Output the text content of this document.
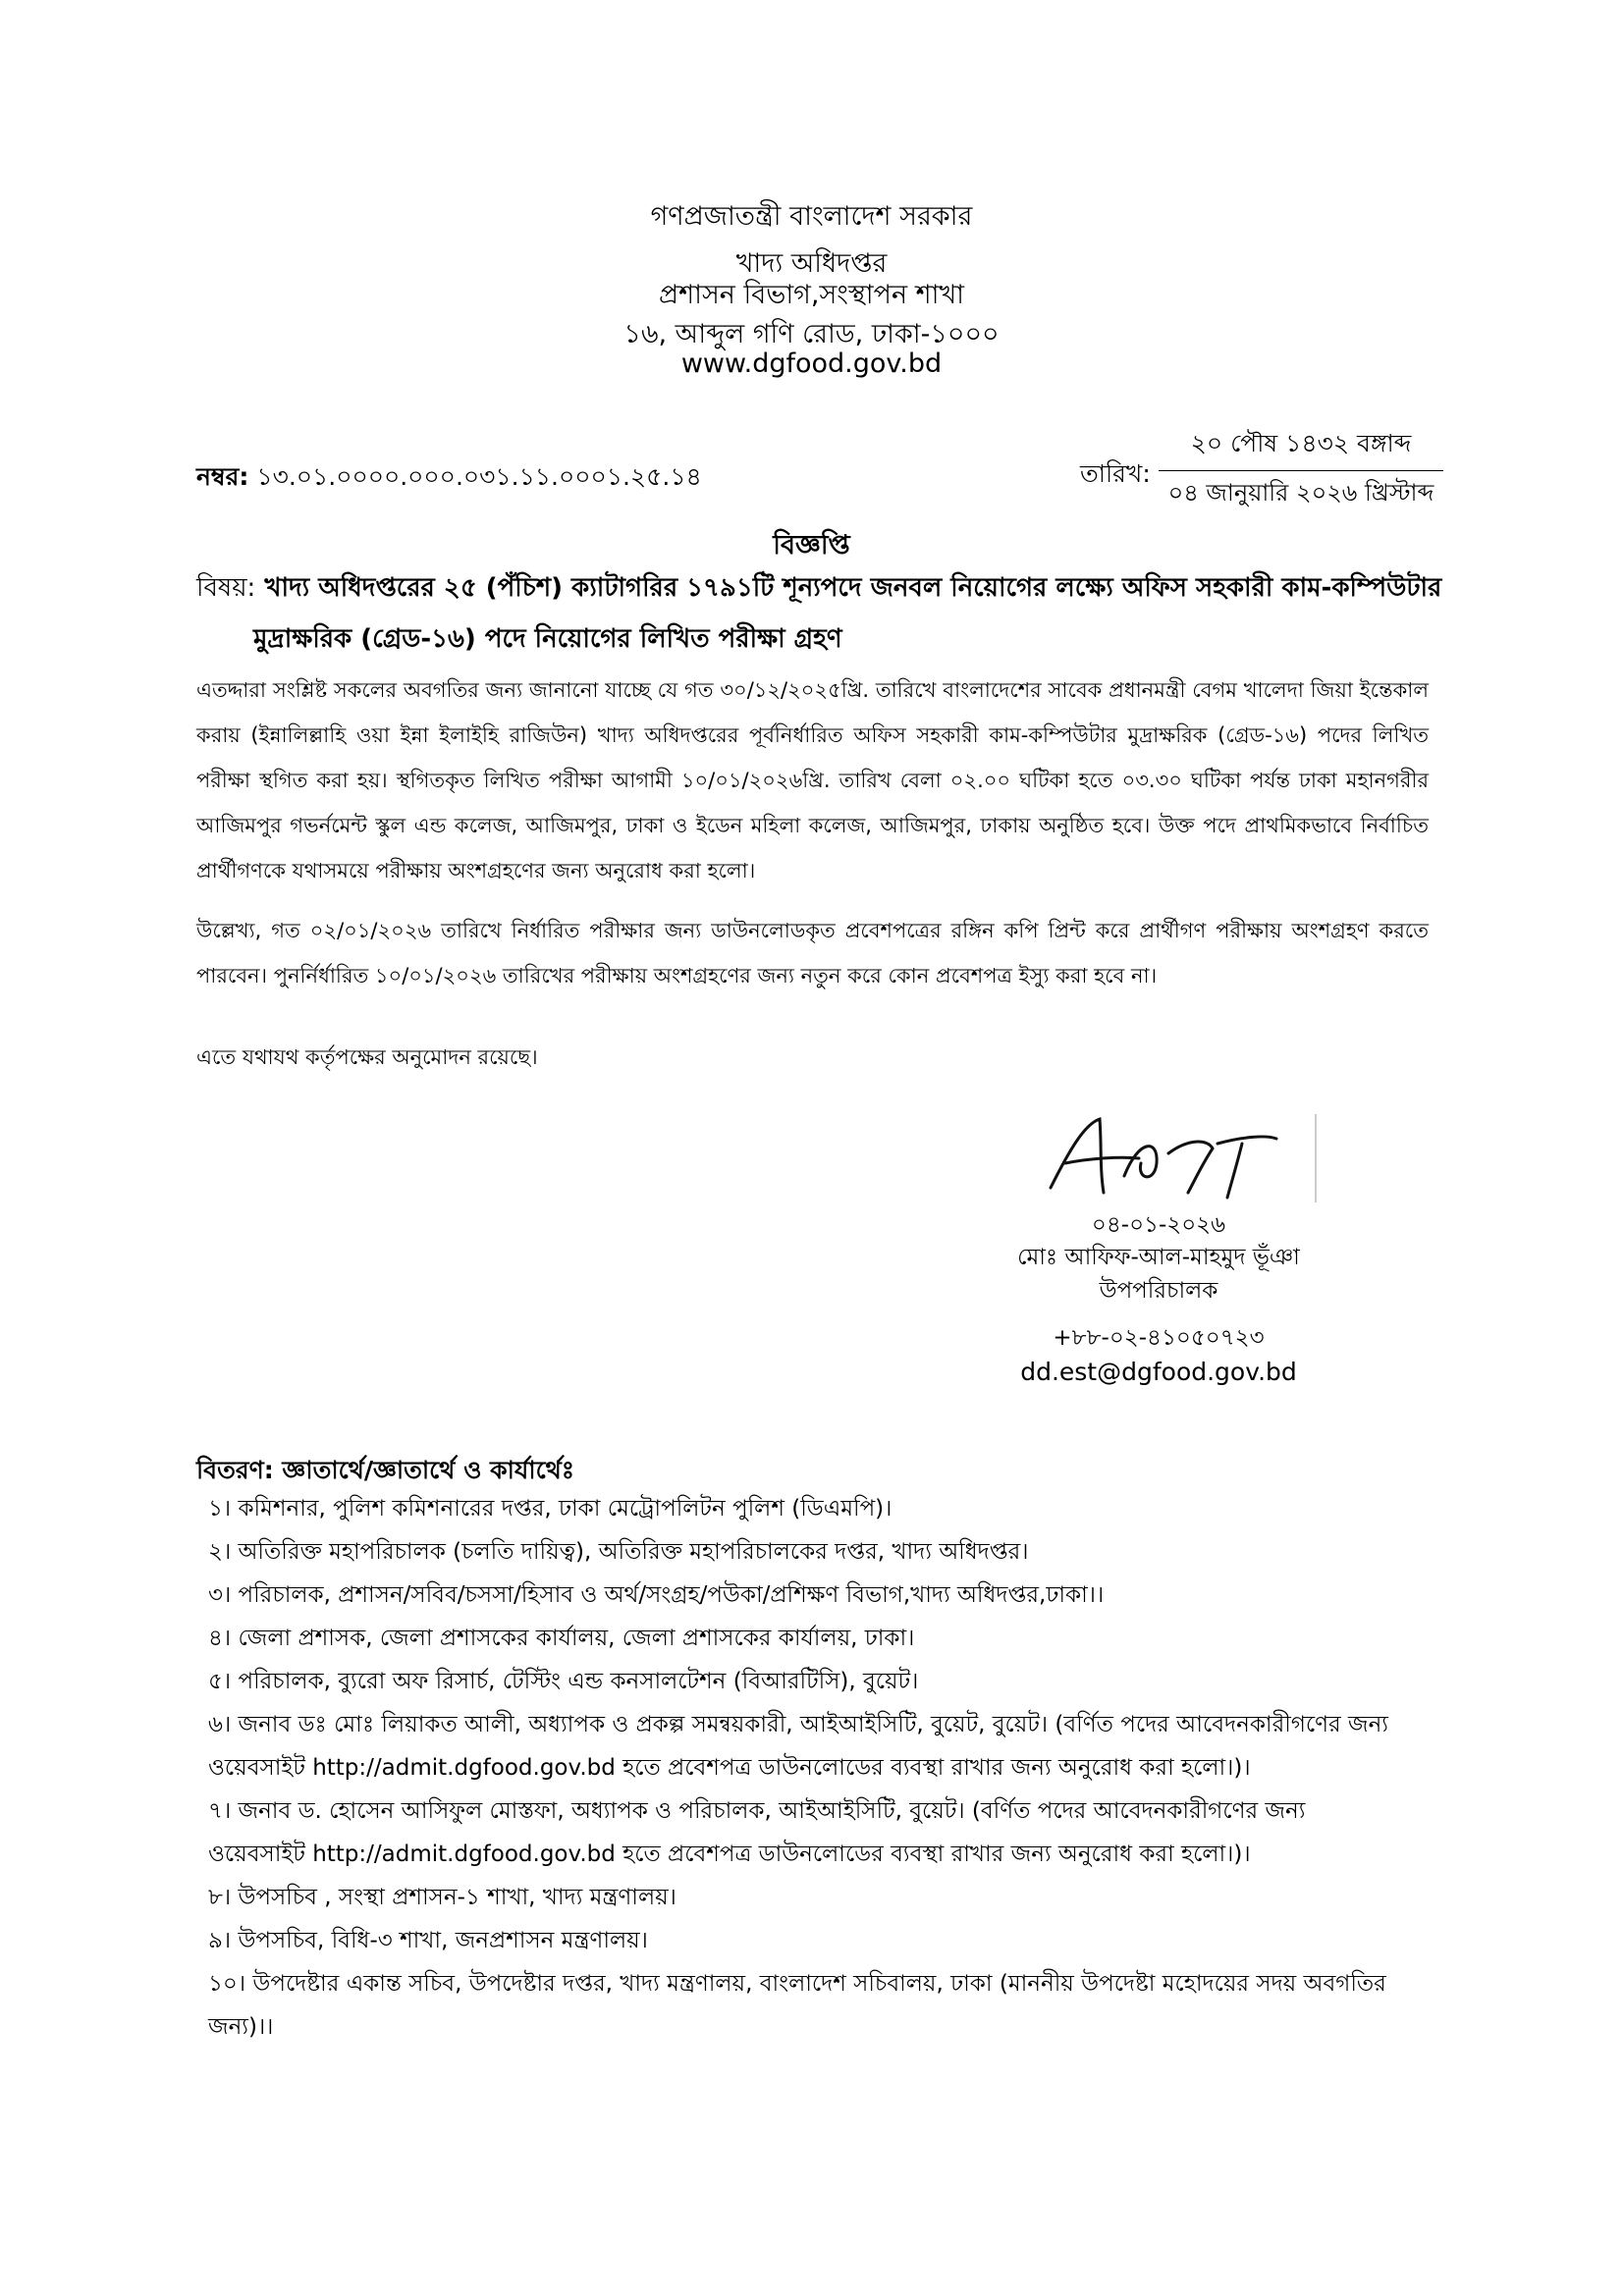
গণপ্রজাতন্ত্রী বাংলাদেশ সরকার
খাদ্য অধিদপ্তর
প্রশাসন বিভাগ,সংস্থাপন শাখা
১৬, আব্দুল গণি রোড, ঢাকা-১০০০
www.dgfood.gov.bd
নম্বর: ১৩.০১.০০০০.০০০.০৩১.১১.০০০১.২৫.১৪	তারিখ:
২০ পৌষ ১৪৩২ বঙ্গাব্দ
০৪ জানুয়ারি ২০২৬ খ্রিস্টাব্দ
বিজ্ঞপ্তি
বিষয়: খাদ্য অধিদপ্তরের ২৫ (পঁচিশ) ক্যাটাগরির ১৭৯১টি শূন্যপদে জনবল নিয়োগের লক্ষ্যে অফিস সহকারী কাম-কম্পিউটার
মুদ্রাক্ষরিক (গ্রেড-১৬) পদে নিয়োগের লিখিত পরীক্ষা গ্রহণ

এতদ্দারা সংশ্লিষ্ট সকলের অবগতির জন্য জানানো যাচ্ছে যে গত ৩০/১২/২০২৫খ্রি. তারিখে বাংলাদেশের সাবেক প্রধানমন্ত্রী বেগম খালেদা জিয়া ইন্তেকাল করায় (ইন্নালিল্লাহি ওয়া ইন্না ইলাইহি রাজিউন) খাদ্য অধিদপ্তরের পূর্বনির্ধারিত অফিস সহকারী কাম-কম্পিউটার মুদ্রাক্ষরিক (গ্রেড-১৬) পদের লিখিত পরীক্ষা স্থগিত করা হয়। স্থগিতকৃত লিখিত পরীক্ষা আগামী ১০/০১/২০২৬খ্রি. তারিখ বেলা ০২.০০ ঘটিকা হতে ০৩.৩০ ঘটিকা পর্যন্ত ঢাকা মহানগরীর আজিমপুর গভর্নমেন্ট স্কুল এন্ড কলেজ, আজিমপুর, ঢাকা ও ইডেন মহিলা কলেজ, আজিমপুর, ঢাকায় অনুষ্ঠিত হবে। উক্ত পদে প্রাথমিকভাবে নির্বাচিত প্রার্থীগণকে যথাসময়ে পরীক্ষায় অংশগ্রহণের জন্য অনুরোধ করা হলো।

উল্লেখ্য, গত ০২/০১/২০২৬ তারিখে নির্ধারিত পরীক্ষার জন্য ডাউনলোডকৃত প্রবেশপত্রের রঙ্গিন কপি প্রিন্ট করে প্রার্থীগণ পরীক্ষায় অংশগ্রহণ করতে পারবেন। পুনর্নির্ধারিত ১০/০১/২০২৬ তারিখের পরীক্ষায় অংশগ্রহণের জন্য নতুন করে কোন প্রবেশপত্র ইস্যু করা হবে না।

এতে যথাযথ কর্তৃপক্ষের অনুমোদন রয়েছে।

০৪-০১-২০২৬
মোঃ আফিফ-আল-মাহমুদ ভূঁঞা
উপপরিচালক
+৮৮-০২-৪১০৫০৭২৩
dd.est@dgfood.gov.bd
বিতরণ: জ্ঞাতার্থে/জ্ঞাতার্থে ও কার্যার্থেঃ
১। কমিশনার, পুলিশ কমিশনারের দপ্তর, ঢাকা মেট্রোপলিটন পুলিশ (ডিএমপি)।
২। অতিরিক্ত মহাপরিচালক (চলতি দায়িত্ব), অতিরিক্ত মহাপরিচালকের দপ্তর, খাদ্য অধিদপ্তর।
৩। পরিচালক, প্রশাসন/সবিব/চসসা/হিসাব ও অর্থ/সংগ্রহ/পউকা/প্রশিক্ষণ বিভাগ,খাদ্য অধিদপ্তর,ঢাকা।।
৪। জেলা প্রশাসক, জেলা প্রশাসকের কার্যালয়, জেলা প্রশাসকের কার্যালয়, ঢাকা।
৫। পরিচালক, ব্যুরো অফ রিসার্চ, টেস্টিং এন্ড কনসালটেশন (বিআরটিসি), বুয়েট।
৬। জনাব ডঃ মোঃ লিয়াকত আলী, অধ্যাপক ও প্রকল্প সমন্বয়কারী, আইআইসিটি, বুয়েট, বুয়েট। (বর্ণিত পদের আবেদনকারীগণের জন্য ওয়েবসাইট http://admit.dgfood.gov.bd হতে প্রবেশপত্র ডাউনলোডের ব্যবস্থা রাখার জন্য অনুরোধ করা হলো।)।
৭। জনাব ড. হোসেন আসিফুল মোস্তফা, অধ্যাপক ও পরিচালক, আইআইসিটি, বুয়েট। (বর্ণিত পদের আবেদনকারীগণের জন্য ওয়েবসাইট http://admit.dgfood.gov.bd হতে প্রবেশপত্র ডাউনলোডের ব্যবস্থা রাখার জন্য অনুরোধ করা হলো।)।
৮। উপসচিব , সংস্থা প্রশাসন-১ শাখা, খাদ্য মন্ত্রণালয়।
৯। উপসচিব, বিধি-৩ শাখা, জনপ্রশাসন মন্ত্রণালয়।
১০। উপদেষ্টার একান্ত সচিব, উপদেষ্টার দপ্তর, খাদ্য মন্ত্রণালয়, বাংলাদেশ সচিবালয়, ঢাকা (মাননীয় উপদেষ্টা মহোদয়ের সদয় অবগতির জন্য)।।
